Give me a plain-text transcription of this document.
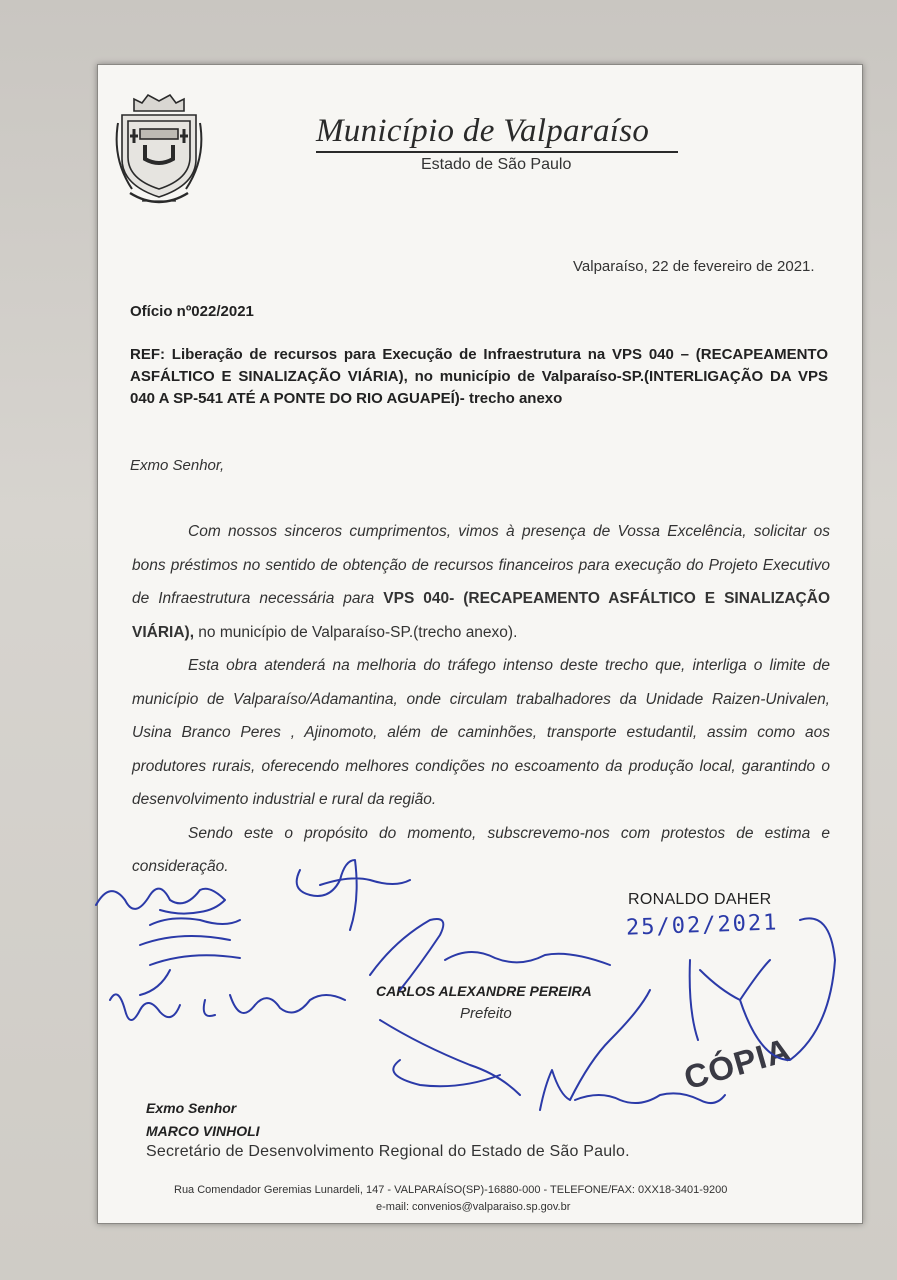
Município de Valparaíso
Estado de São Paulo
Valparaíso, 22 de fevereiro de 2021.
Ofício nº022/2021
REF: Liberação de recursos para Execução de Infraestrutura na VPS 040 – (RECAPEAMENTO ASFÁLTICO E SINALIZAÇÃO VIÁRIA), no município de Valparaíso-SP.(INTERLIGAÇÃO DA VPS 040 A SP-541 ATÉ A PONTE DO RIO AGUAPEÍ)- trecho anexo
Exmo Senhor,

Com nossos sinceros cumprimentos, vimos à presença de Vossa Excelência, solicitar os bons préstimos no sentido de obtenção de recursos financeiros para execução do Projeto Executivo de Infraestrutura necessária para VPS 040- (RECAPEAMENTO ASFÁLTICO E SINALIZAÇÃO VIÁRIA), no município de Valparaíso-SP.(trecho anexo).

Esta obra atenderá na melhoria do tráfego intenso deste trecho que, interliga o limite de município de Valparaíso/Adamantina, onde circulam trabalhadores da Unidade Raizen-Univalen, Usina Branco Peres , Ajinomoto, além de caminhões, transporte estudantil, assim como aos produtores rurais, oferecendo melhores condições no escoamento da produção local, garantindo o desenvolvimento industrial e rural da região.

Sendo este o propósito do momento, subscrevemo-nos com protestos de estima e consideração.

RONALDO DAHER
25/02/2021
CARLOS ALEXANDRE PEREIRA
Prefeito
CÓPIA
Exmo Senhor
MARCO VINHOLI
Secretário de Desenvolvimento Regional do Estado de São Paulo.
Rua Comendador Geremias Lunardeli, 147 - VALPARAÍSO(SP)-16880-000 - TELEFONE/FAX: 0XX18-3401-9200
e-mail: convenios@valparaiso.sp.gov.br
